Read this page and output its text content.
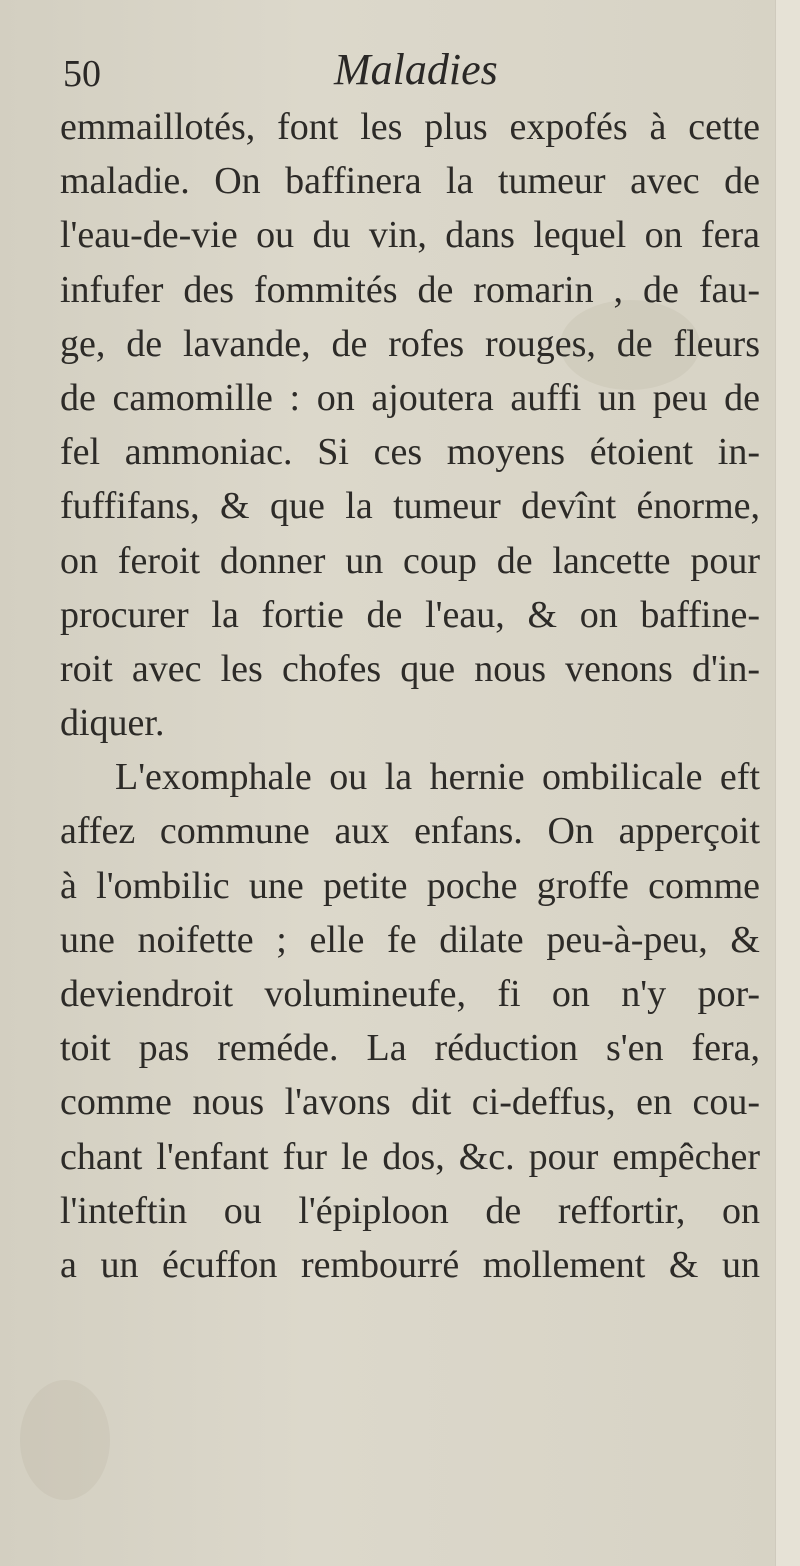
50	Maladies
emmaillotés, font les plus expofés à cette
maladie. On baffinera la tumeur avec de
l'eau-de-vie ou du vin, dans lequel on fera
infufer des fommités de romarin , de fau-
ge, de lavande, de rofes rouges, de fleurs
de camomille : on ajoutera auffi un peu de
fel ammoniac. Si ces moyens étoient in-
fuffifans, & que la tumeur devînt énorme,
on feroit donner un coup de lancette pour
procurer la fortie de l'eau, & on baffine-
roit avec les chofes que nous venons d'in-
diquer.
L'exomphale ou la hernie ombilicale eft
affez commune aux enfans. On apperçoit
à l'ombilic une petite poche groffe comme
une noifette ; elle fe dilate peu-à-peu, &
deviendroit volumineufe, fi on n'y por-
toit pas reméde. La réduction s'en fera,
comme nous l'avons dit ci-deffus, en cou-
chant l'enfant fur le dos, &c. pour empêcher
l'inteftin ou l'épiploon de reffortir, on
a un écuffon rembourré mollement & un
